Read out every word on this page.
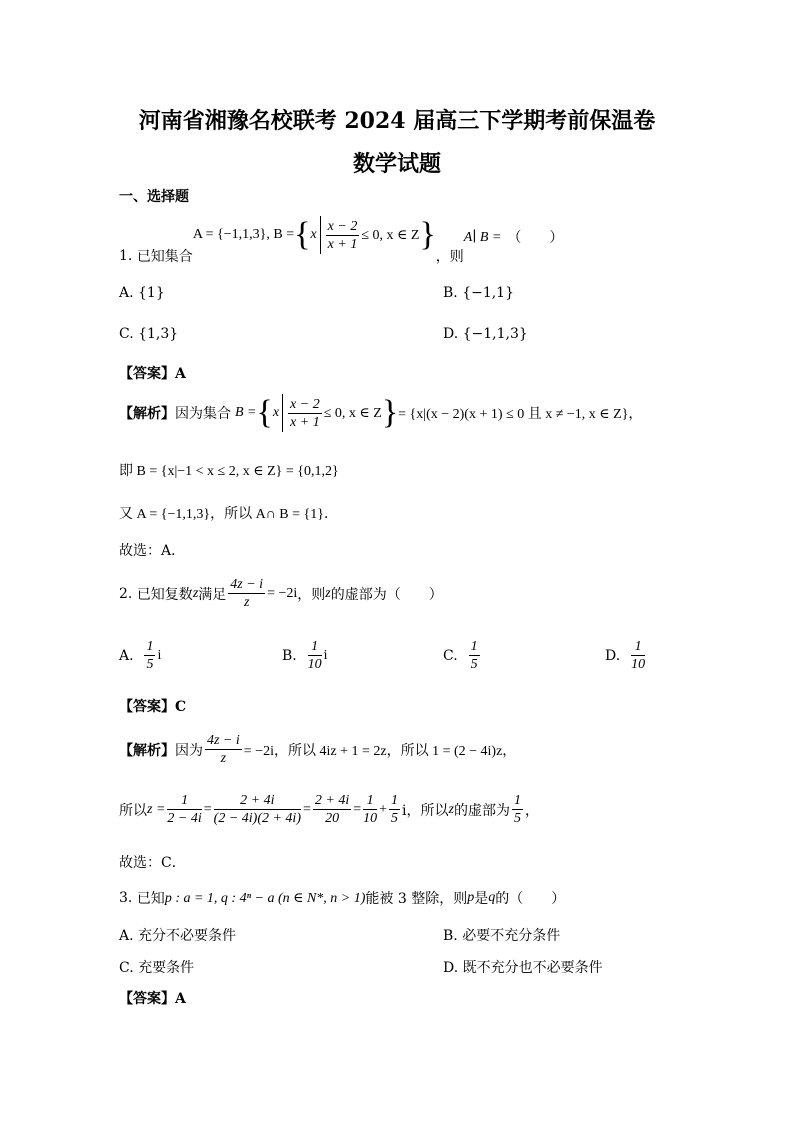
河南省湘豫名校联考 2024 届高三下学期考前保温卷
数学试题
一、选择题
1.
已知集合
A = {−1,1,3} , B = { x $\frac{x - 2}{x + 1} \le 0$, x ∈ Z }
，则
A∣ B = （　　）
A. {1}	B. {−1,1}
C. {1,3}	D. {−1,1,3}
【答案】A
【解析】 因为集合 B = { x $\frac{x - 2}{x + 1} \le 0$, x ∈ Z } = {x|(x − 2)(x + 1) ≤ 0 且 x ≠ −1, x ∈ Z}，
即 B = {x|−1 < x ≤ 2, x ∈ Z} = {0,1,2}
又 A = {−1,1,3}，所以 A∩ B = {1}．
故选：A．
2.
已知复数 z 满足 $\frac{4z - i}{z} = -2i$ ，则 z 的虚部为（　　）
A.
$\frac{1}{5}$ i	B.
$\frac{1}{10}$ i	C.
$\frac{1}{5}$	D.
$\frac{1}{10}$
【答案】C
【解析】 因为 $\frac{4z - i}{z} = -2i$，所以 4iz + 1 = 2z，所以 1 = (2 − 4i)z，
所以 $z = \frac{1}{2 - 4i} = \frac{2 + 4i}{(2 - 4i)(2 + 4i)} = \frac{2 + 4i}{20} = \frac{1}{10} + \frac{1}{5}$ i，所以 z 的虚部为 $\frac{1}{5}$ ，
故选：C．
3.
已知 p : a = 1, q : 4ⁿ − a (n ∈ N*, n > 1) 能被 3 整除，则 p 是 q 的（　　）
A. 充分不必要条件	B. 必要不充分条件
C. 充要条件	D. 既不充分也不必要条件
【答案】A
